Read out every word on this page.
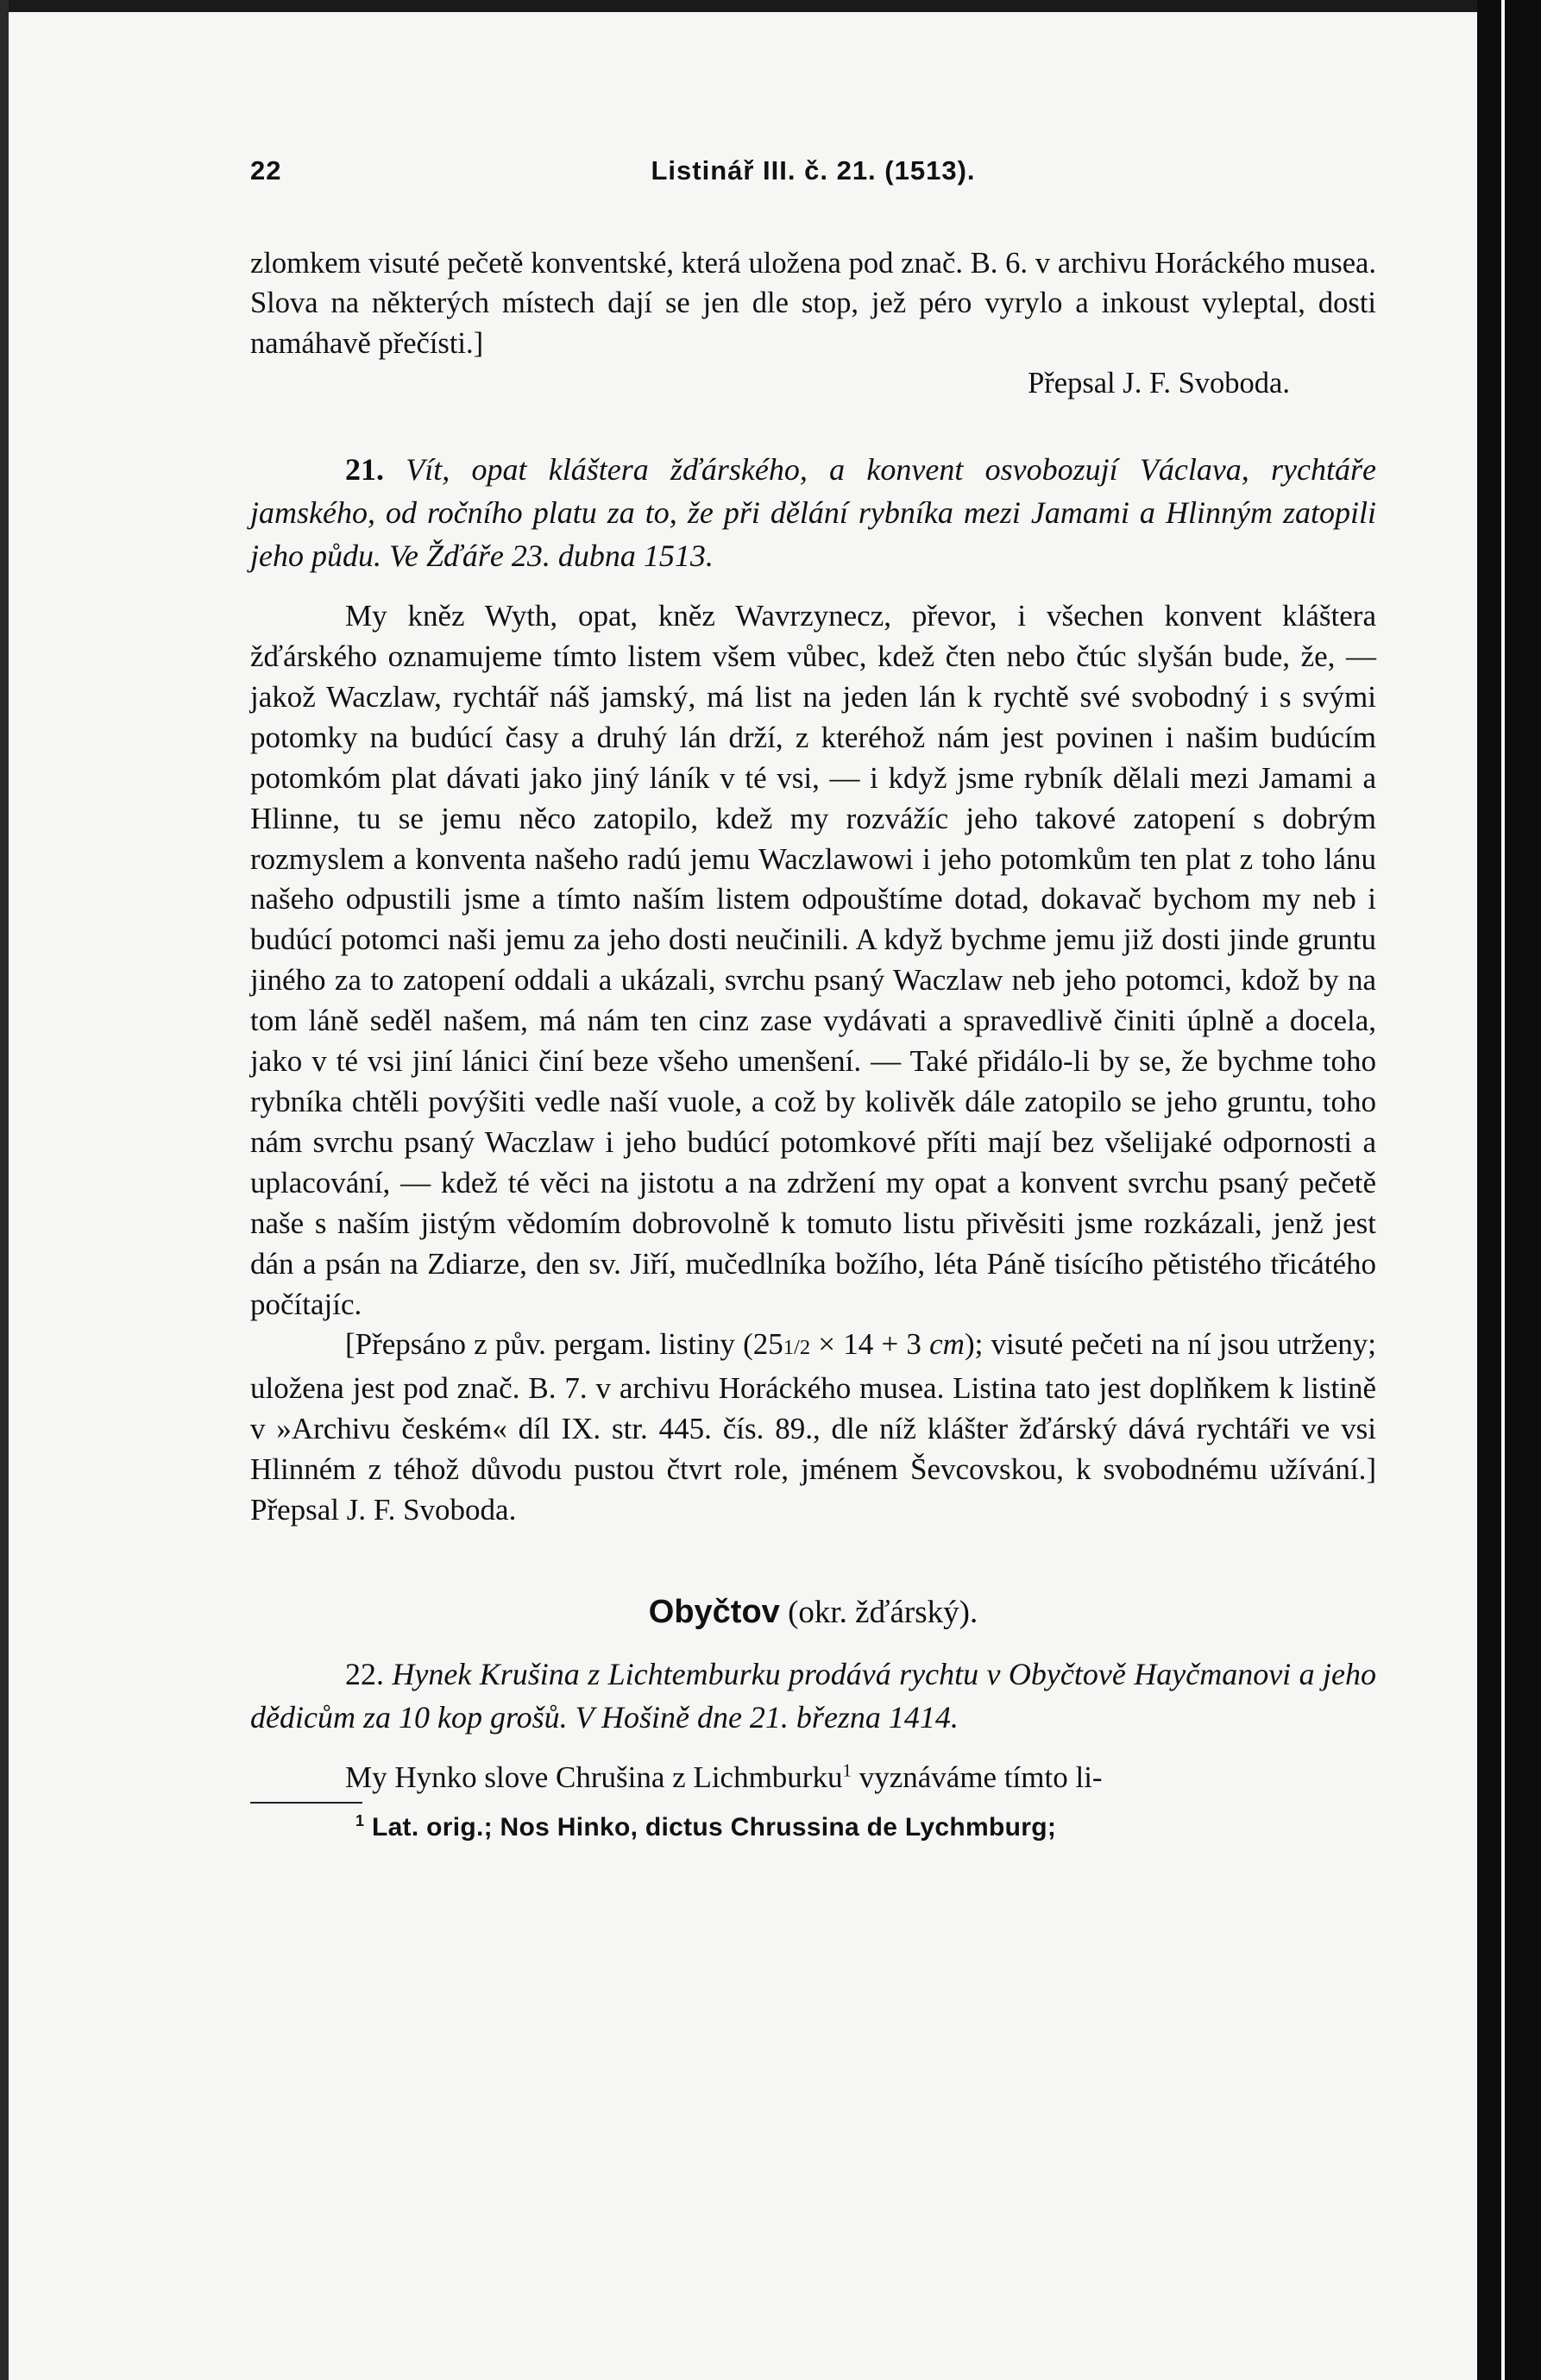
22	Listinář III. č. 21. (1513).

zlomkem visuté pečetě konventské, která uložena pod znač. B. 6. v archivu Horáckého musea. Slova na některých místech dají se jen dle stop, jež péro vyrylo a inkoust vyleptal, dosti namáhavě přečísti.]

Přepsal J. F. Svoboda.

21. Vít, opat kláštera žďárského, a konvent osvobozují Václava, rychtáře jamského, od ročního platu za to, že při dělání rybníka mezi Jamami a Hlinným zatopili jeho půdu. Ve Žďáře 23. dubna 1513.

My kněz Wyth, opat, kněz Wavrzynecz, převor, i všechen konvent kláštera žďárského oznamujeme tímto listem všem vůbec, kdež čten nebo čtúc slyšán bude, že, — jakož Waczlaw, rychtář náš jamský, má list na jeden lán k rychtě své svobodný i s svými potomky na budúcí časy a druhý lán drží, z kteréhož nám jest povinen i našim budúcím potomkóm plat dávati jako jiný láník v té vsi, — i když jsme rybník dělali mezi Jamami a Hlinne, tu se jemu něco zatopilo, kdež my rozvážíc jeho takové zatopení s dobrým rozmyslem a konventa našeho radú jemu Waczlawowi i jeho potomkům ten plat z toho lánu našeho odpustili jsme a tímto naším listem odpouštíme dotad, dokavač bychom my neb i budúcí potomci naši jemu za jeho dosti neučinili. A když bychme jemu již dosti jinde gruntu jiného za to zatopení oddali a ukázali, svrchu psaný Waczlaw neb jeho potomci, kdož by na tom láně seděl našem, má nám ten cinz zase vydávati a spravedlivě činiti úplně a docela, jako v té vsi jiní lánici činí beze všeho umenšení. — Také přidálo-li by se, že bychme toho rybníka chtěli povýšiti vedle naší vuole, a což by kolivěk dále zatopilo se jeho gruntu, toho nám svrchu psaný Waczlaw i jeho budúcí potomkové příti mají bez všelijaké odpornosti a uplacování, — kdež té věci na jistotu a na zdržení my opat a konvent svrchu psaný pečetě naše s naším jistým vědomím dobrovolně k tomuto listu přivěsiti jsme rozkázali, jenž jest dán a psán na Zdiarze, den sv. Jiří, mučedlníka božího, léta Páně tisícího pětistého třicátého počítajíc.

[Přepsáno z pův. pergam. listiny (251/2 × 14 + 3 cm); visuté pečeti na ní jsou utrženy; uložena jest pod znač. B. 7. v archivu Horáckého musea. Listina tato jest doplňkem k listině v »Archivu českém« díl IX. str. 445. čís. 89., dle níž klášter žďárský dává rychtáři ve vsi Hlinném z téhož důvodu pustou čtvrt role, jménem Ševcovskou, k svobodnému užívání.] Přepsal J. F. Svoboda.

Obyčtov (okr. žďárský).

22. Hynek Krušina z Lichtemburku prodává rychtu v Obyčtově Hayčmanovi a jeho dědicům za 10 kop grošů. V Hošině dne 21. března 1414.

My Hynko slove Chrušina z Lichmburku$^1$ vyznáváme tímto li-

$^1$ Lat. orig.; Nos Hinko, dictus Chrussina de Lychmburg;
